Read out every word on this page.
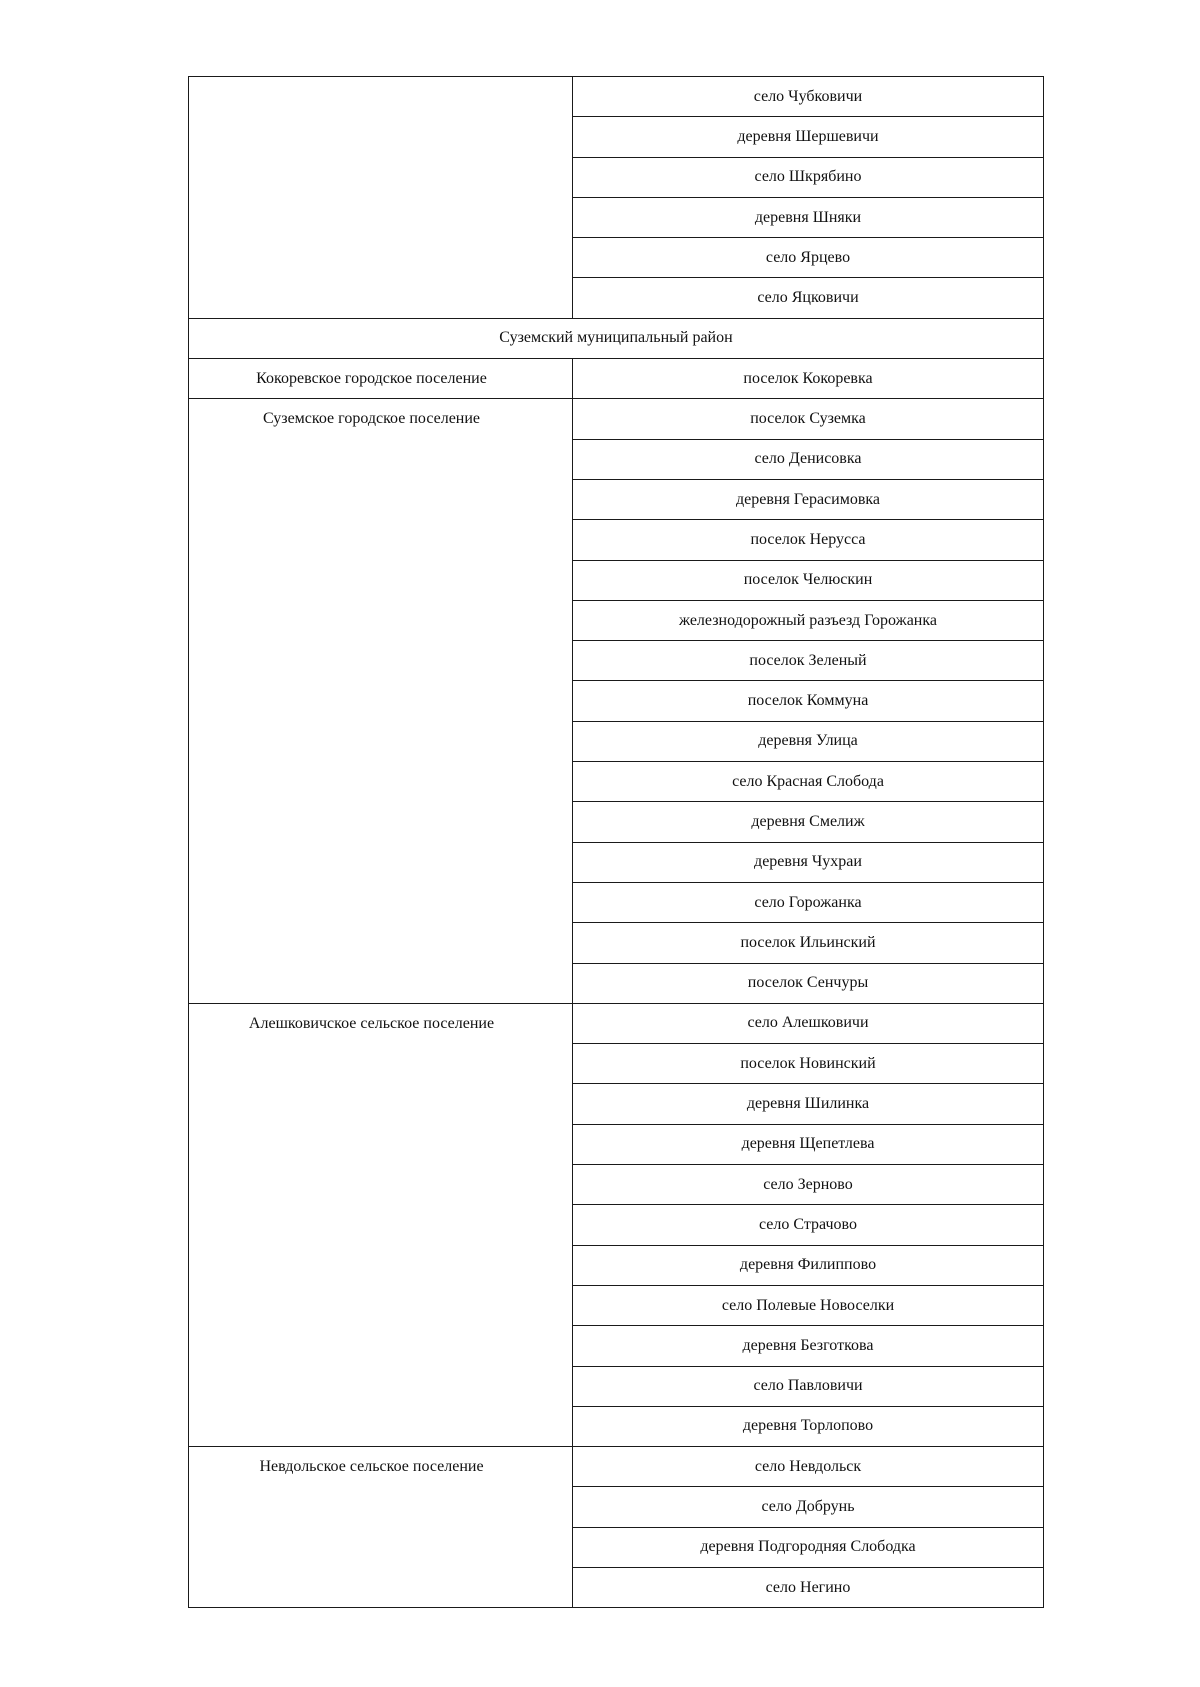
	село Чубковичи
	деревня Шершевичи
	село Шкрябино
	деревня Шняки
	село Ярцево
	село Яцковичи
Суземский муниципальный район	

Кокоревское городское поселение	поселок Кокоревка

Суземское городское поселение	поселок Суземка
	село Денисовка
	деревня Герасимовка
	поселок Нерусса
	поселок Челюскин
	железнодорожный разъезд Горожанка
	поселок Зеленый
	поселок Коммуна
	деревня Улица
	село Красная Слобода
	деревня Смелиж
	деревня Чухраи
	село Горожанка
	поселок Ильинский
	поселок Сенчуры

Алешковичское сельское поселение	село Алешковичи
	поселок Новинский
	деревня Шилинка
	деревня Щепетлева
	село Зерново
	село Страчово
	деревня Филиппово
	село Полевые Новоселки
	деревня Безготкова
	село Павловичи
	деревня Торлопово

Невдольское сельское поселение	село Невдольск
	село Добрунь
	деревня Подгородняя Слободка
	село Негино
